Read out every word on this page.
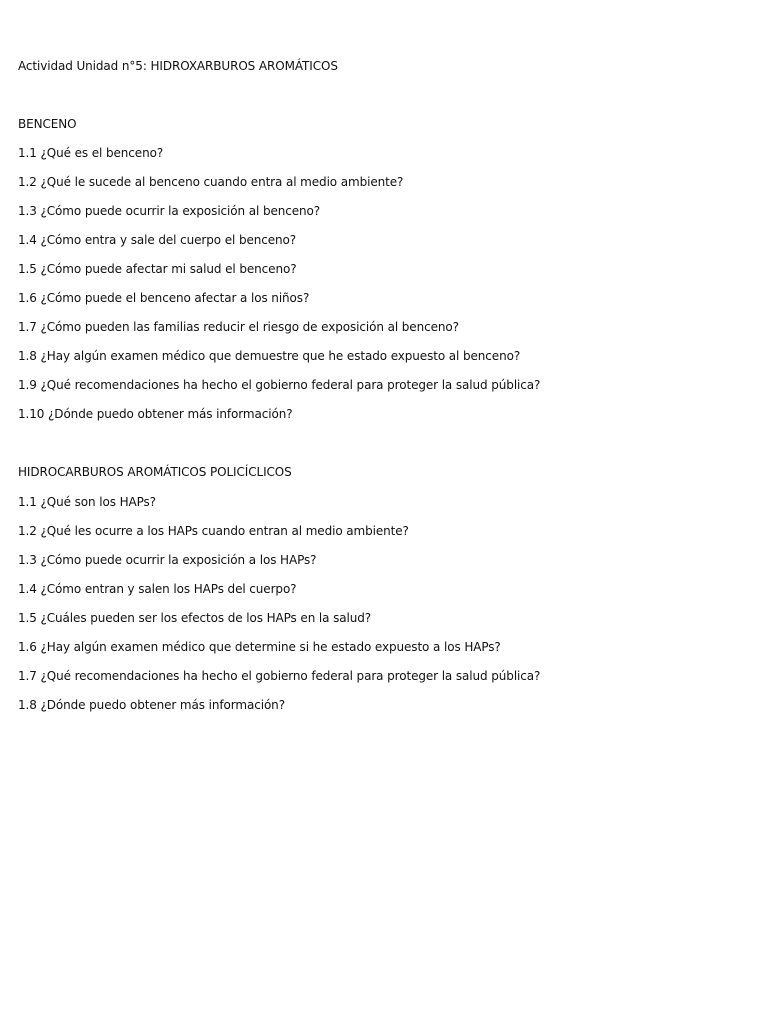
Actividad Unidad n°5: HIDROXARBUROS AROMÁTICOS
BENCENO
1.1 ¿Qué es el benceno?
1.2 ¿Qué le sucede al benceno cuando entra al medio ambiente?
1.3 ¿Cómo puede ocurrir la exposición al benceno?
1.4 ¿Cómo entra y sale del cuerpo el benceno?
1.5 ¿Cómo puede afectar mi salud el benceno?
1.6 ¿Cómo puede el benceno afectar a los niños?
1.7 ¿Cómo pueden las familias reducir el riesgo de exposición al benceno?
1.8 ¿Hay algún examen médico que demuestre que he estado expuesto al benceno?
1.9 ¿Qué recomendaciones ha hecho el gobierno federal para proteger la salud pública?
1.10 ¿Dónde puedo obtener más información?
HIDROCARBUROS AROMÁTICOS POLICÍCLICOS
1.1 ¿Qué son los HAPs?
1.2 ¿Qué les ocurre a los HAPs cuando entran al medio ambiente?
1.3 ¿Cómo puede ocurrir la exposición a los HAPs?
1.4 ¿Cómo entran y salen los HAPs del cuerpo?
1.5 ¿Cuáles pueden ser los efectos de los HAPs en la salud?
1.6 ¿Hay algún examen médico que determine si he estado expuesto a los HAPs?
1.7 ¿Qué recomendaciones ha hecho el gobierno federal para proteger la salud pública?
1.8 ¿Dónde puedo obtener más información?
